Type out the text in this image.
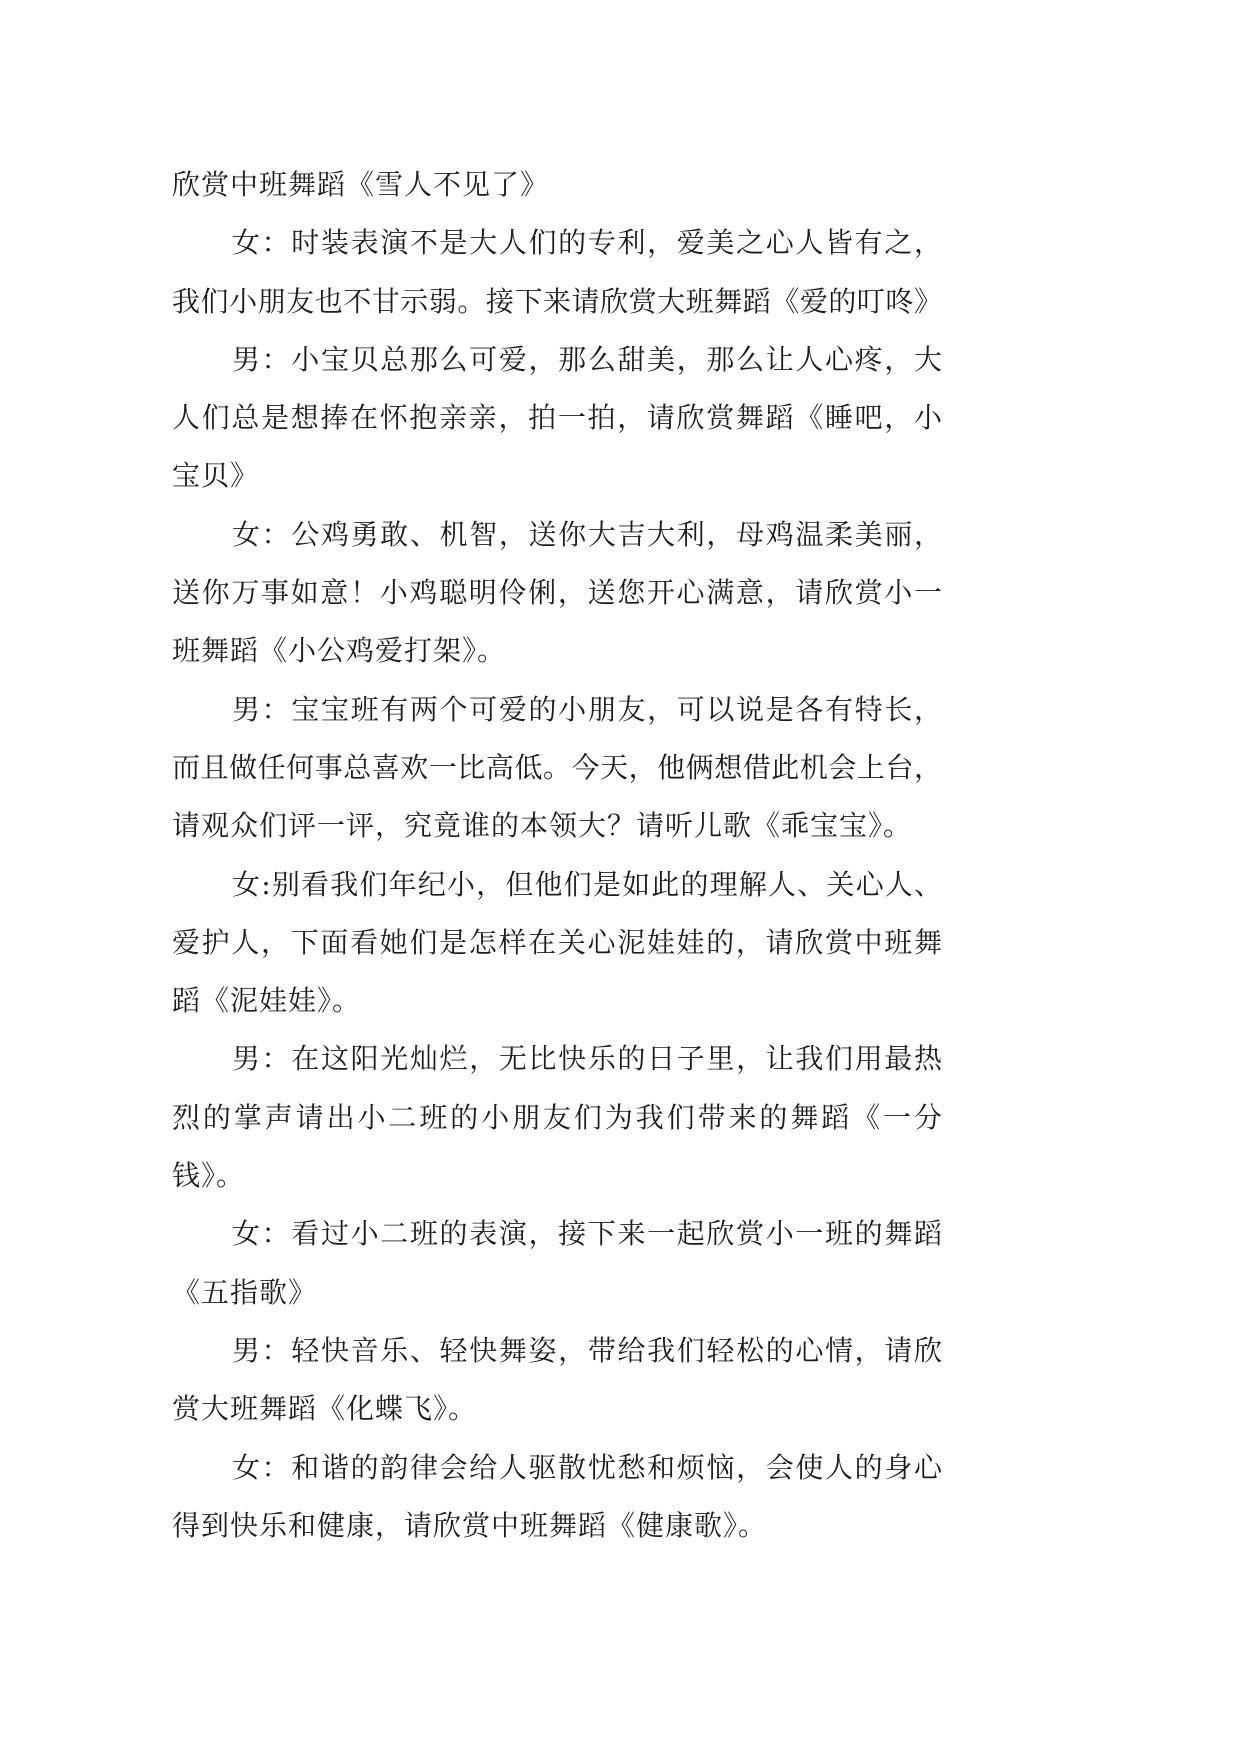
欣赏中班舞蹈《雪人不见了》
女：时装表演不是大人们的专利，爱美之心人皆有之，
我们小朋友也不甘示弱。接下来请欣赏大班舞蹈《爱的叮咚》
男：小宝贝总那么可爱，那么甜美，那么让人心疼，大
人们总是想捧在怀抱亲亲，拍一拍，请欣赏舞蹈《睡吧，小
宝贝》
女：公鸡勇敢、机智，送你大吉大利，母鸡温柔美丽，
送你万事如意！小鸡聪明伶俐，送您开心满意，请欣赏小一
班舞蹈《小公鸡爱打架》。
男：宝宝班有两个可爱的小朋友，可以说是各有特长，
而且做任何事总喜欢一比高低。今天，他俩想借此机会上台，
请观众们评一评，究竟谁的本领大？请听儿歌《乖宝宝》。
女:别看我们年纪小，但他们是如此的理解人、关心人、
爱护人，下面看她们是怎样在关心泥娃娃的，请欣赏中班舞
蹈《泥娃娃》。
男：在这阳光灿烂，无比快乐的日子里，让我们用最热
烈的掌声请出小二班的小朋友们为我们带来的舞蹈《一分
钱》。
女：看过小二班的表演，接下来一起欣赏小一班的舞蹈
《五指歌》
男：轻快音乐、轻快舞姿，带给我们轻松的心情，请欣
赏大班舞蹈《化蝶飞》。
女：和谐的韵律会给人驱散忧愁和烦恼，会使人的身心
得到快乐和健康，请欣赏中班舞蹈《健康歌》。
